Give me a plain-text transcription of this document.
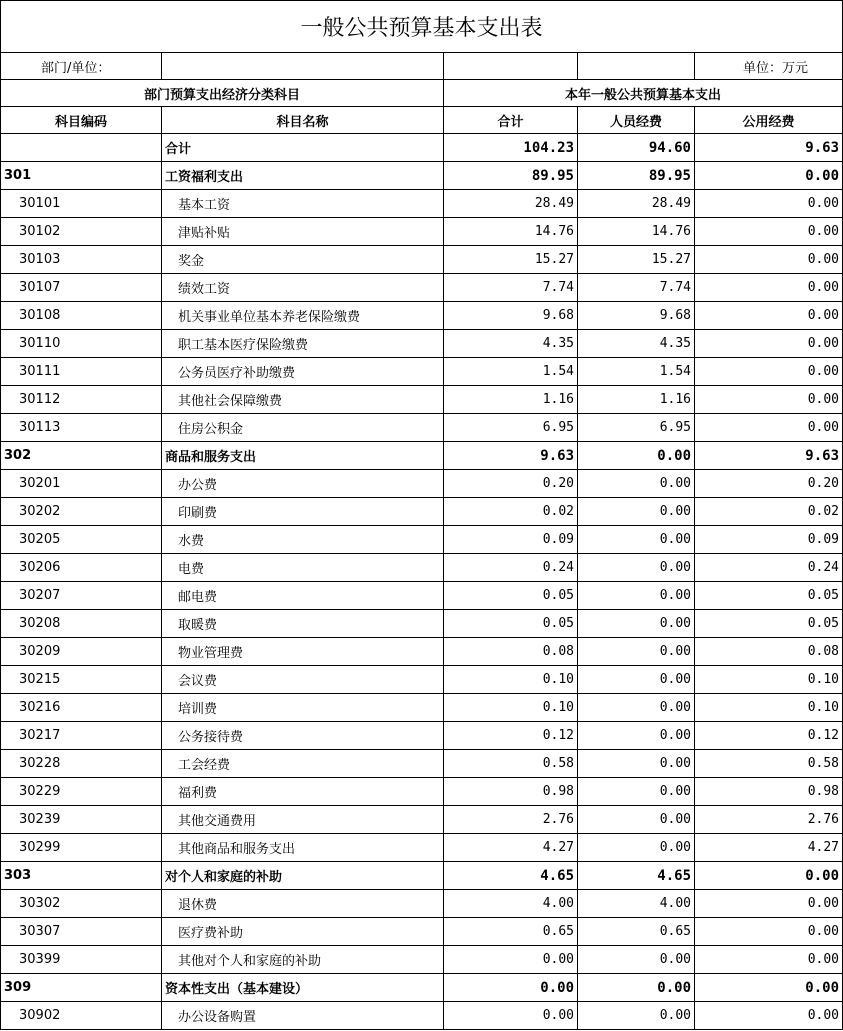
一般公共预算基本支出表				
部门/单位：				单位：万元
部门预算支出经济分类科目		本年一般公共预算基本支出		
科目编码	科目名称	合计	人员经费	公用经费
	合计	104.23	94.60	9.63
301	工资福利支出	89.95	89.95	0.00
30101	基本工资	28.49	28.49	0.00
30102	津贴补贴	14.76	14.76	0.00
30103	奖金	15.27	15.27	0.00
30107	绩效工资	7.74	7.74	0.00
30108	机关事业单位基本养老保险缴费	9.68	9.68	0.00
30110	职工基本医疗保险缴费	4.35	4.35	0.00
30111	公务员医疗补助缴费	1.54	1.54	0.00
30112	其他社会保障缴费	1.16	1.16	0.00
30113	住房公积金	6.95	6.95	0.00
302	商品和服务支出	9.63	0.00	9.63
30201	办公费	0.20	0.00	0.20
30202	印刷费	0.02	0.00	0.02
30205	水费	0.09	0.00	0.09
30206	电费	0.24	0.00	0.24
30207	邮电费	0.05	0.00	0.05
30208	取暖费	0.05	0.00	0.05
30209	物业管理费	0.08	0.00	0.08
30215	会议费	0.10	0.00	0.10
30216	培训费	0.10	0.00	0.10
30217	公务接待费	0.12	0.00	0.12
30228	工会经费	0.58	0.00	0.58
30229	福利费	0.98	0.00	0.98
30239	其他交通费用	2.76	0.00	2.76
30299	其他商品和服务支出	4.27	0.00	4.27
303	对个人和家庭的补助	4.65	4.65	0.00
30302	退休费	4.00	4.00	0.00
30307	医疗费补助	0.65	0.65	0.00
30399	其他对个人和家庭的补助	0.00	0.00	0.00
309	资本性支出（基本建设）	0.00	0.00	0.00
30902	办公设备购置	0.00	0.00	0.00
